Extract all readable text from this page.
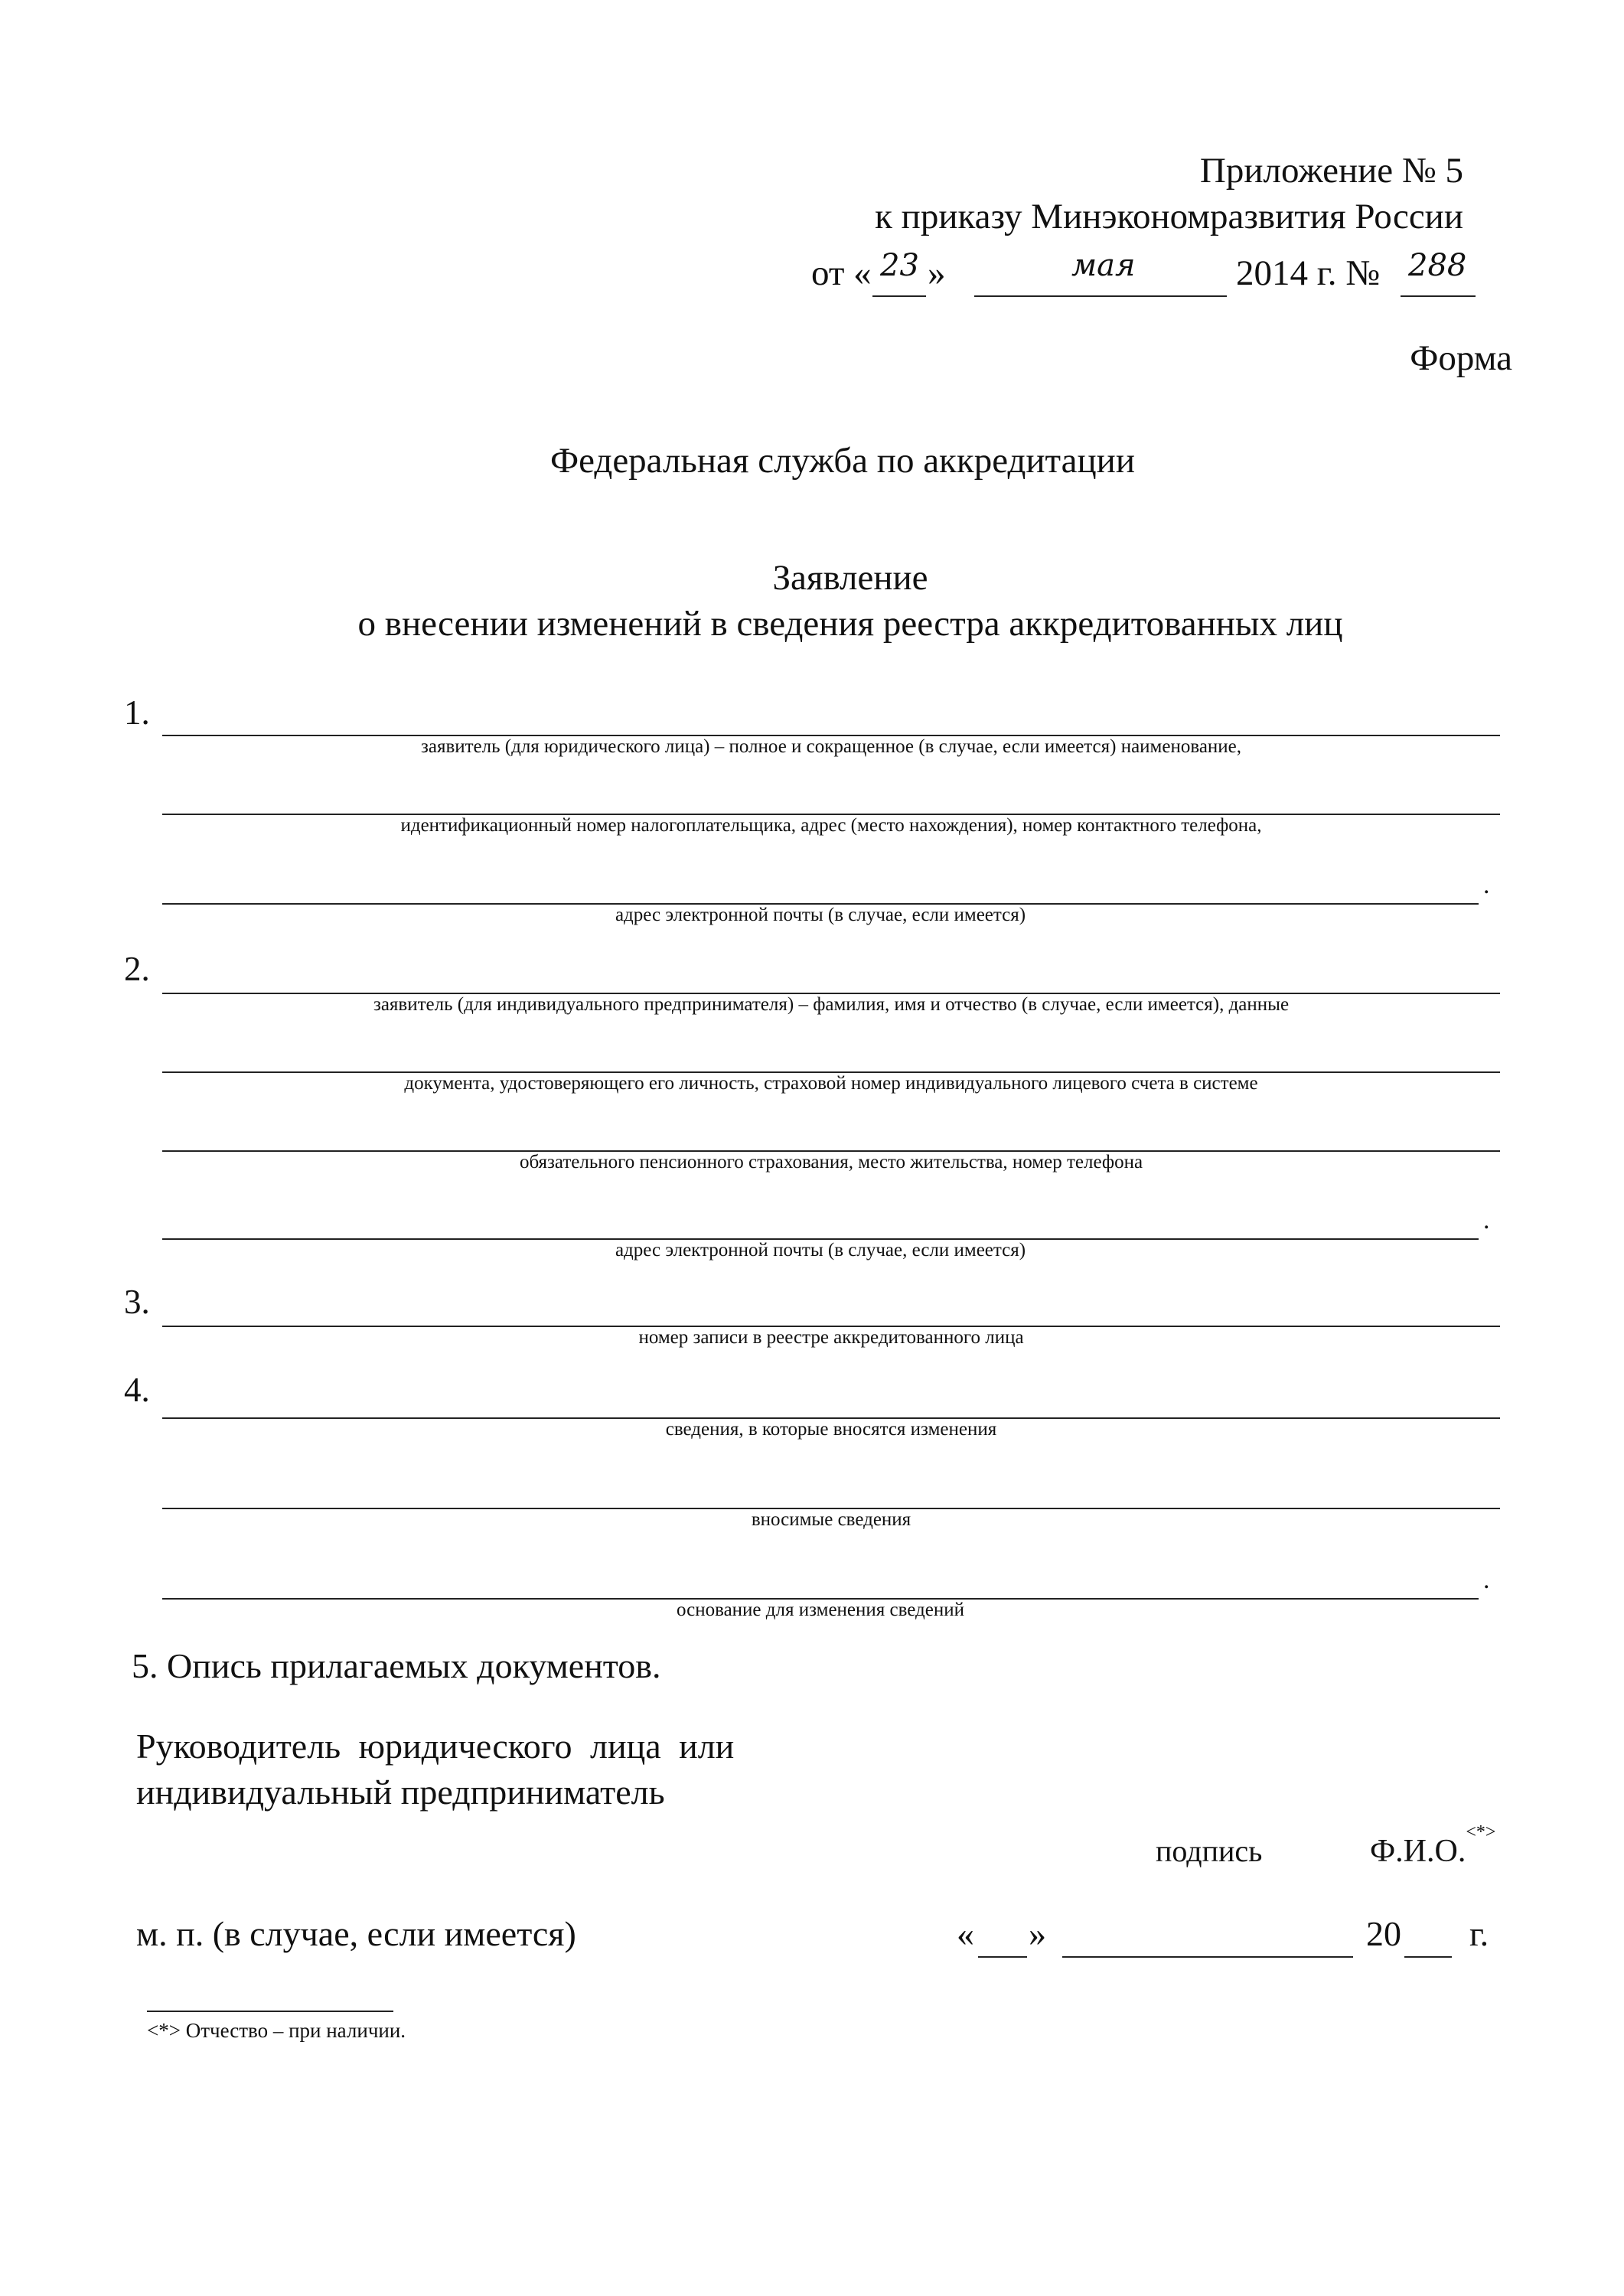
Приложение № 5
к приказу Минэкономразвития России
от « 23 »	мая	2014 г. № 288
Форма
Федеральная служба по аккредитации
Заявление
о внесении изменений в сведения реестра аккредитованных лиц
1.
заявитель (для юридического лица) – полное и сокращенное (в случае, если имеется) наименование,
идентификационный номер налогоплательщика, адрес (место нахождения), номер контактного телефона,
.
адрес электронной почты (в случае, если имеется)
2.
заявитель (для индивидуального предпринимателя) – фамилия, имя и отчество (в случае, если имеется), данные
документа, удостоверяющего его личность, страховой номер индивидуального лицевого счета в системе
обязательного пенсионного страхования, место жительства, номер телефона
.
адрес электронной почты (в случае, если имеется)
3.
номер записи в реестре аккредитованного лица
4.
сведения, в которые вносятся изменения
вносимые сведения
.
основание для изменения сведений
5. Опись прилагаемых документов.
Руководитель юридического лица или
индивидуальный предприниматель
подпись	Ф.И.О.<*>
м. п. (в случае, если имеется)	« »	20 г.
<*> Отчество – при наличии.
